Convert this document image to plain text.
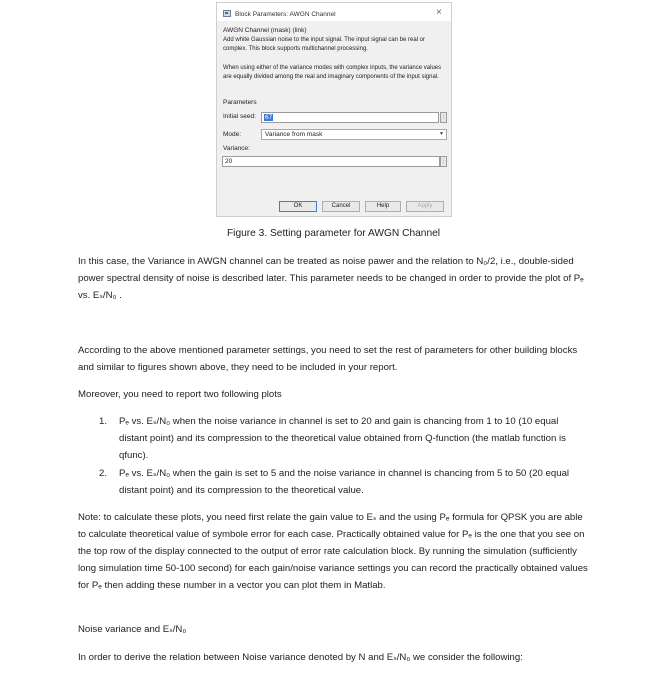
Block Parameters: AWGN Channel	×
AWGN Channel (mask) (link)
Add white Gaussian noise to the input signal. The input signal can be real or complex. This block supports multichannel processing.
When using either of the variance modes with complex inputs, the variance values are equally divided among the real and imaginary components of the input signal.
Parameters
Initial seed:	67	⋮
Mode:	Variance from mask	▼
Variance:
20	⋮
OK	Cancel	Help	Apply
Figure 3. Setting parameter for AWGN Channel
In this case, the Variance in AWGN channel can be treated as noise pawer and the relation to N₀/2, i.e., double-sided power spectral density of noise is described later. This parameter needs to be changed in order to provide the plot of Pₑ vs. Eₛ/N₀ .
According to the above mentioned parameter settings, you need to set the rest of parameters for other building blocks and similar to figures shown above, they need to be included in your report.
Moreover, you need to report two following plots
1.	Pₑ vs. Eₛ/N₀ when the noise variance in channel is set to 20 and gain is chancing from 1 to 10 (10 equal distant point) and its compression to the theoretical value obtained from Q-function (the matlab function is qfunc).
2.	Pₑ vs. Eₛ/N₀ when the gain is set to 5 and the noise variance in channel is chancing from 5 to 50 (20 equal distant point) and its compression to the theoretical value.
Note: to calculate these plots, you need first relate the gain value to Eₛ and the using Pₑ formula for QPSK you are able to calculate theoretical value of symbole error for each case. Practically obtained value for Pₑ is the one that you see on the top row of the display connected to the output of error rate calculation block. By running the simulation (sufficiently long simulation time 50-100 second) for each gain/noise variance settings you can record the practically obtained values for Pₑ then adding these number in a vector you can plot them in Matlab.
Noise variance and Eₛ/N₀
In order to derive the relation between Noise variance denoted by N and Eₛ/N₀ we consider the following:
